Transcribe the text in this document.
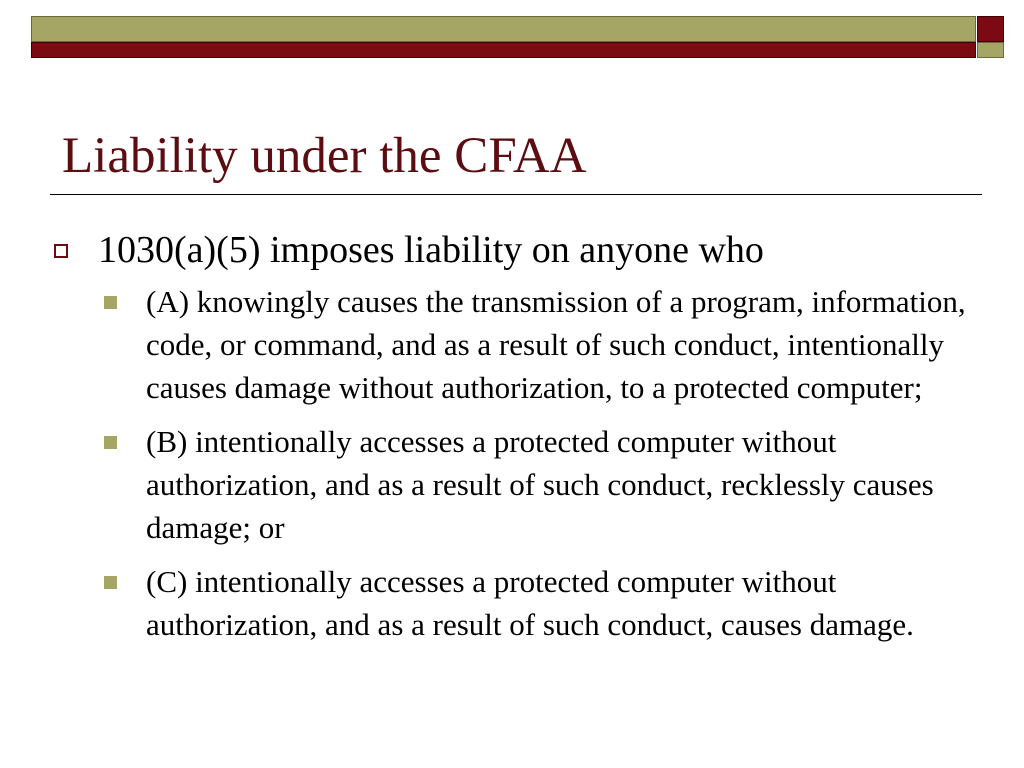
Liability under the CFAA
1030(a)(5) imposes liability on anyone who
(A) knowingly causes the transmission of a program, information, code, or command, and as a result of such conduct, intentionally causes damage without authorization, to a protected computer;
(B) intentionally accesses a protected computer without authorization, and as a result of such conduct, recklessly causes damage; or
(C) intentionally accesses a protected computer without authorization, and as a result of such conduct, causes damage.
